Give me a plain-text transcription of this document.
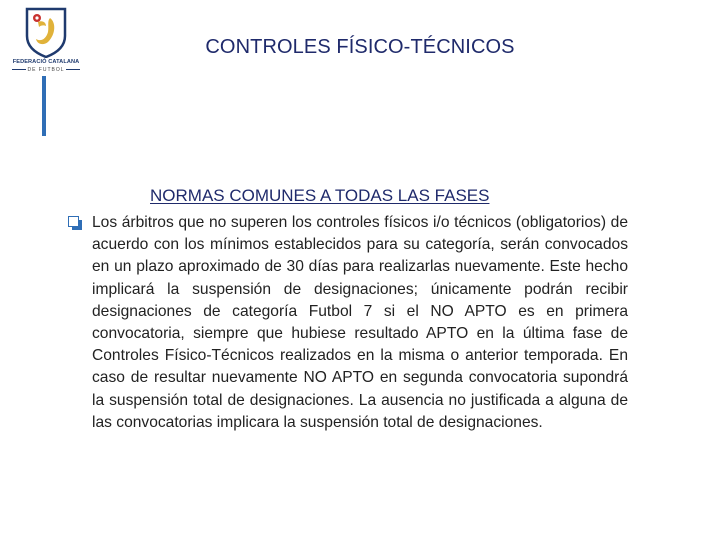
FEDERACIÓ CATALANA
DE FUTBOL
CONTROLES FÍSICO-TÉCNICOS
NORMAS COMUNES A TODAS LAS FASES
Los árbitros que no superen los controles físicos i/o técnicos (obligatorios) de acuerdo con los mínimos establecidos para su categoría, serán convocados en un plazo aproximado de 30 días para realizarlas nuevamente. Este hecho implicará la suspensión de designaciones; únicamente podrán recibir designaciones de categoría Futbol 7 si el NO APTO es en primera convocatoria, siempre que hubiese resultado APTO en la última fase de Controles Físico-Técnicos realizados en la misma o anterior temporada. En caso de resultar nuevamente NO APTO en segunda convocatoria supondrá la suspensión total de designaciones. La ausencia no justificada a alguna de las convocatorias implicara la suspensión total de designaciones.
